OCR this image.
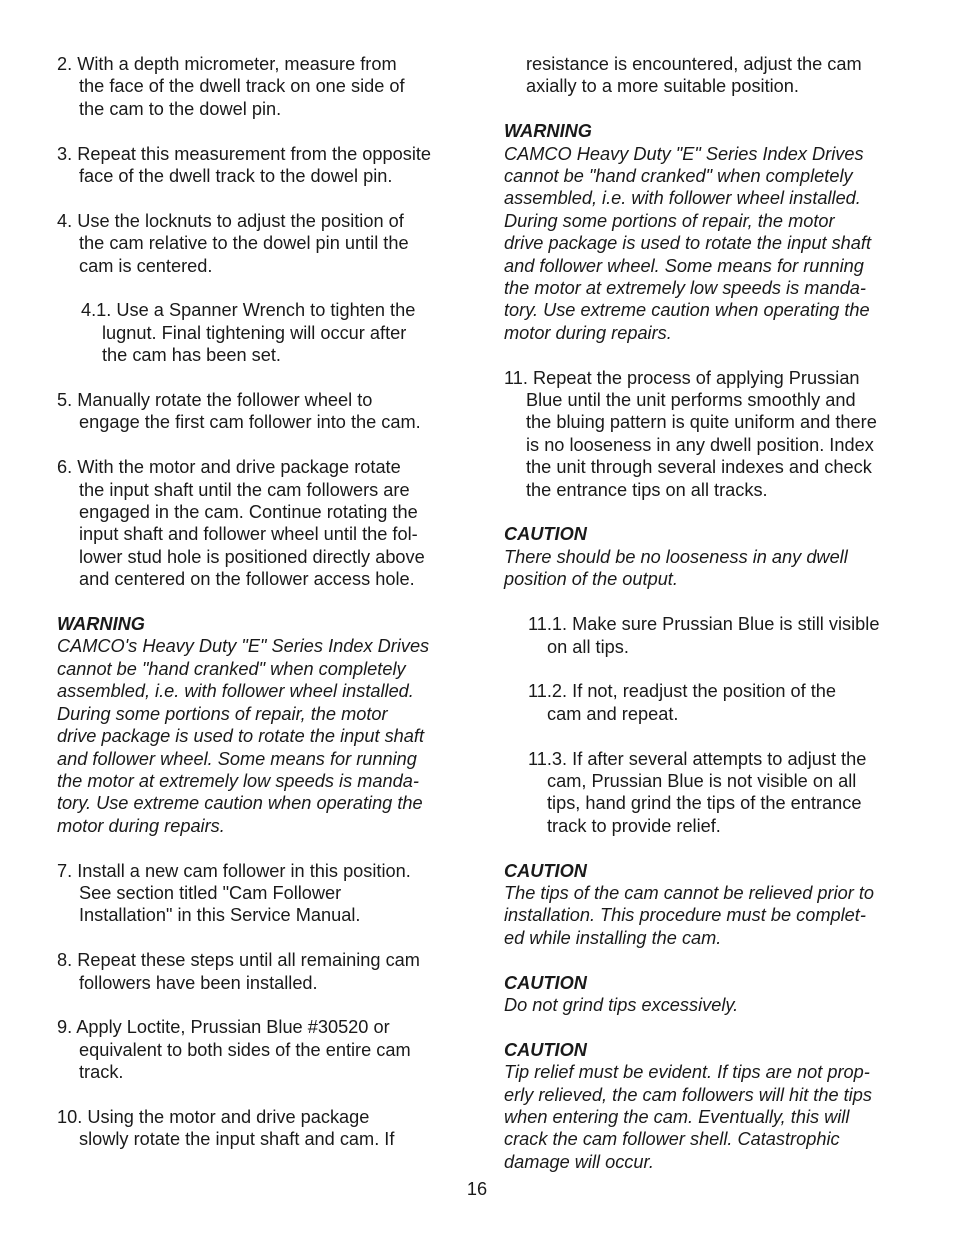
2. With a depth micrometer, measure from
the face of the dwell track on one side of
the cam to the dowel pin.

3. Repeat this measurement from the opposite
face of the dwell track to the dowel pin.

4. Use the locknuts to adjust the position of
the cam relative to the dowel pin until the
cam is centered.

4.1. Use a Spanner Wrench to tighten the
lugnut. Final tightening will occur after
the cam has been set.

5. Manually rotate the follower wheel to
engage the first cam follower into the cam.

6. With the motor and drive package rotate
the input shaft until the cam followers are
engaged in the cam. Continue rotating the
input shaft and follower wheel until the fol-
lower stud hole is positioned directly above
and centered on the follower access hole.

WARNING

CAMCO's Heavy Duty "E" Series Index Drives
cannot be "hand cranked" when completely
assembled, i.e. with follower wheel installed.
During some portions of repair, the motor
drive package is used to rotate the input shaft
and follower wheel. Some means for running
the motor at extremely low speeds is manda-
tory. Use extreme caution when operating the
motor during repairs.

7. Install a new cam follower in this position.
See section titled "Cam Follower
Installation" in this Service Manual.

8. Repeat these steps until all remaining cam
followers have been installed.

9. Apply Loctite, Prussian Blue #30520 or
equivalent to both sides of the entire cam
track.

10. Using the motor and drive package
slowly rotate the input shaft and cam. If

resistance is encountered, adjust the cam
axially to a more suitable position.

WARNING

CAMCO Heavy Duty "E" Series Index Drives
cannot be "hand cranked" when completely
assembled, i.e. with follower wheel installed.
During some portions of repair, the motor
drive package is used to rotate the input shaft
and follower wheel. Some means for running
the motor at extremely low speeds is manda-
tory. Use extreme caution when operating the
motor during repairs.

11. Repeat the process of applying Prussian
Blue until the unit performs smoothly and
the bluing pattern is quite uniform and there
is no looseness in any dwell position. Index
the unit through several indexes and check
the entrance tips on all tracks.

CAUTION

There should be no looseness in any dwell
position of the output.

11.1. Make sure Prussian Blue is still visible
on all tips.

11.2. If not, readjust the position of the
cam and repeat.

11.3. If after several attempts to adjust the
cam, Prussian Blue is not visible on all
tips, hand grind the tips of the entrance
track to provide relief.

CAUTION

The tips of the cam cannot be relieved prior to
installation. This procedure must be complet-
ed while installing the cam.

CAUTION

Do not grind tips excessively.

CAUTION

Tip relief must be evident. If tips are not prop-
erly relieved, the cam followers will hit the tips
when entering the cam. Eventually, this will
crack the cam follower shell. Catastrophic
damage will occur.

16
